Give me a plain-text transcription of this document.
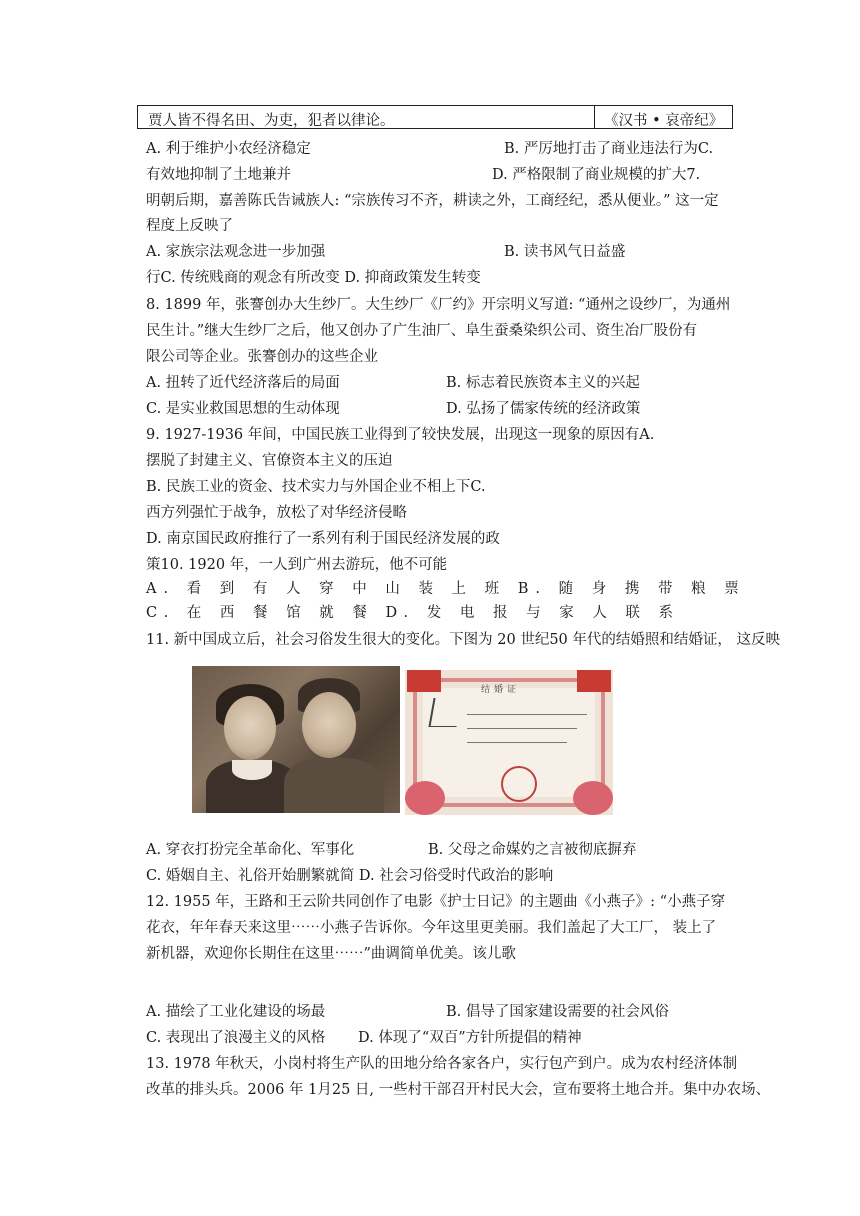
贾人皆不得名田、为吏，犯者以律论。	《汉书 • 哀帝纪》
A. 利于维护小农经济稳定	B. 严厉地打击了商业违法行为C.
有效地抑制了土地兼并	D. 严格限制了商业规模的扩大7.
明朝后期，嘉善陈氏告诫族人: “宗族传习不齐，耕读之外，工商经纪，悉从便业。” 这一定
程度上反映了
A. 家族宗法观念进一步加强	B. 读书风气日益盛
行C. 传统贱商的观念有所改变 D. 抑商政策发生转变
8. 1899 年，张謇创办大生纱厂。大生纱厂《厂约》开宗明义写道: “通州之设纱厂，为通州
民生计。”继大生纱厂之后，他又创办了广生油厂、阜生蚕桑染织公司、资生冶厂股份有
限公司等企业。张謇创办的这些企业
A. 扭转了近代经济落后的局面	B. 标志着民族资本主义的兴起
C. 是实业救国思想的生动体现	D. 弘扬了儒家传统的经济政策
9. 1927-1936 年间，中国民族工业得到了较快发展，出现这一现象的原因有A.
摆脱了封建主义、官僚资本主义的压迫
B. 民族工业的资金、技术实力与外国企业不相上下C.
西方列强忙于战争，放松了对华经济侵略
D. 南京国民政府推行了一系列有利于国民经济发展的政
策10. 1920 年，一人到广州去游玩，他不可能
A. 看 到 有 人 穿 中 山 装 上 班 B. 随 身 携 带 粮 票
C. 在 西 餐 馆 就 餐 D. 发 电 报 与 家 人 联 系
11. 新中国成立后，社会习俗发生很大的变化。下图为 20 世纪50 年代的结婚照和结婚证， 这反映
结婚证
A. 穿衣打扮完全革命化、军事化	B. 父母之命媒妁之言被彻底摒弃
C. 婚姻自主、礼俗开始删繁就简 D. 社会习俗受时代政治的影响
12. 1955 年，王路和王云阶共同创作了电影《护士日记》的主题曲《小燕子》: “小燕子穿
花衣，年年春天来这里⋯⋯小燕子告诉你。今年这里更美丽。我们盖起了大工厂， 装上了
新机器，欢迎你长期住在这里⋯⋯”曲调简单优美。该儿歌
A. 描绘了工业化建设的场最	B. 倡导了国家建设需要的社会风俗
C. 表现出了浪漫主义的风格 D. 体现了“双百”方针所提倡的精神
13. 1978 年秋天，小岗村将生产队的田地分给各家各户，实行包产到户。成为农村经济体制
改革的排头兵。2006 年 1月25 日, 一些村干部召开村民大会，宣布要将土地合并。集中办农场、
